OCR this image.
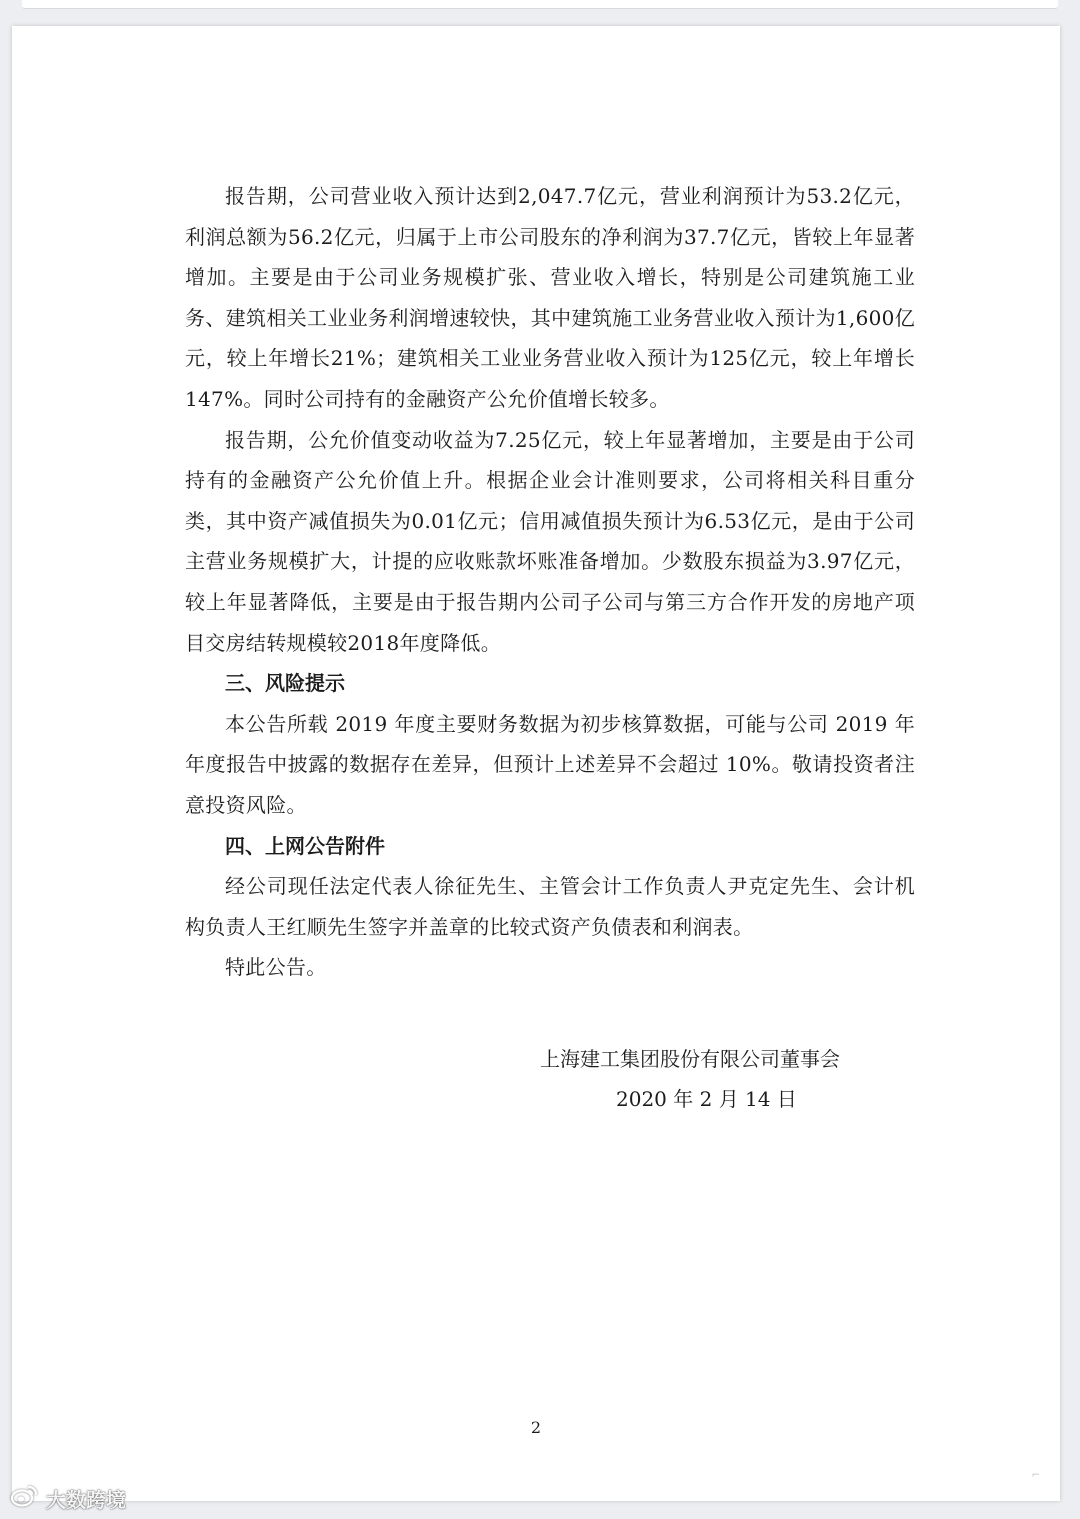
报告期，公司营业收入预计达到2,047.7亿元，营业利润预计为53.2亿元，利润总额为56.2亿元，归属于上市公司股东的净利润为37.7亿元，皆较上年显著增加。主要是由于公司业务规模扩张、营业收入增长，特别是公司建筑施工业务、建筑相关工业业务利润增速较快，其中建筑施工业务营业收入预计为1,600亿元，较上年增长21%；建筑相关工业业务营业收入预计为125亿元，较上年增长147%。同时公司持有的金融资产公允价值增长较多。

报告期，公允价值变动收益为7.25亿元，较上年显著增加，主要是由于公司持有的金融资产公允价值上升。根据企业会计准则要求，公司将相关科目重分类，其中资产减值损失为0.01亿元；信用减值损失预计为6.53亿元，是由于公司主营业务规模扩大，计提的应收账款坏账准备增加。少数股东损益为3.97亿元，较上年显著降低，主要是由于报告期内公司子公司与第三方合作开发的房地产项目交房结转规模较2018年度降低。

三、风险提示

本公告所载 2019 年度主要财务数据为初步核算数据，可能与公司 2019 年年度报告中披露的数据存在差异，但预计上述差异不会超过 10%。敬请投资者注意投资风险。

四、上网公告附件

经公司现任法定代表人徐征先生、主管会计工作负责人尹克定先生、会计机构负责人王红顺先生签字并盖章的比较式资产负债表和利润表。

特此公告。

上海建工集团股份有限公司董事会
2020 年 2 月 14 日
2
⌐
大数跨境
